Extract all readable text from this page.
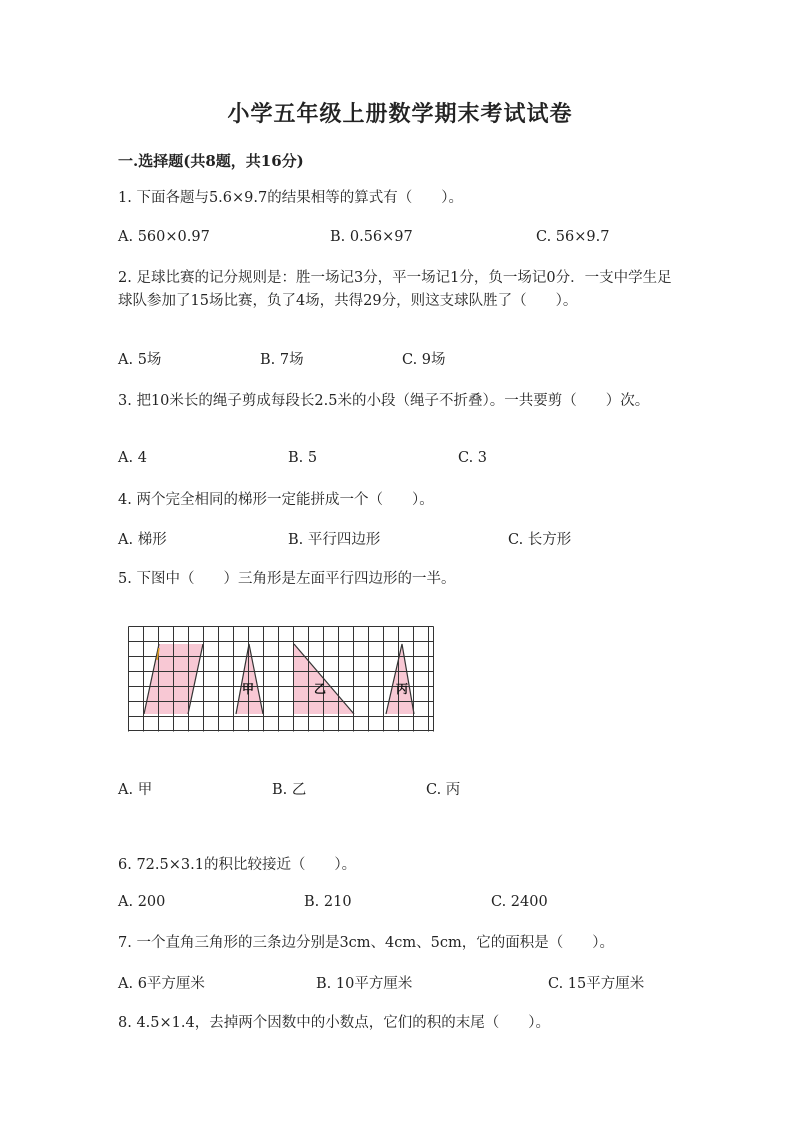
小学五年级上册数学期末考试试卷
一.选择题(共8题，共16分)
1. 下面各题与5.6×9.7的结果相等的算式有（　　）。
A. 560×0.97	B. 0.56×97	C. 56×9.7
2. 足球比赛的记分规则是：胜一场记3分，平一场记1分，负一场记0分．一支中学生足球队参加了15场比赛，负了4场，共得29分，则这支球队胜了（　　）。
A. 5场	B. 7场	C. 9场
3. 把10米长的绳子剪成每段长2.5米的小段（绳子不折叠）。一共要剪（　　）次。
A. 4	B. 5	C. 3
4. 两个完全相同的梯形一定能拼成一个（　　）。
A. 梯形	B. 平行四边形	C. 长方形
5. 下图中（　　）三角形是左面平行四边形的一半。
甲	乙	丙
A. 甲	B. 乙	C. 丙
6. 72.5×3.1的积比较接近（　　）。
A. 200	B. 210	C. 2400
7. 一个直角三角形的三条边分别是3cm、4cm、5cm，它的面积是（　　）。
A. 6平方厘米	B. 10平方厘米	C. 15平方厘米
8. 4.5×1.4，去掉两个因数中的小数点，它们的积的末尾（　　）。
